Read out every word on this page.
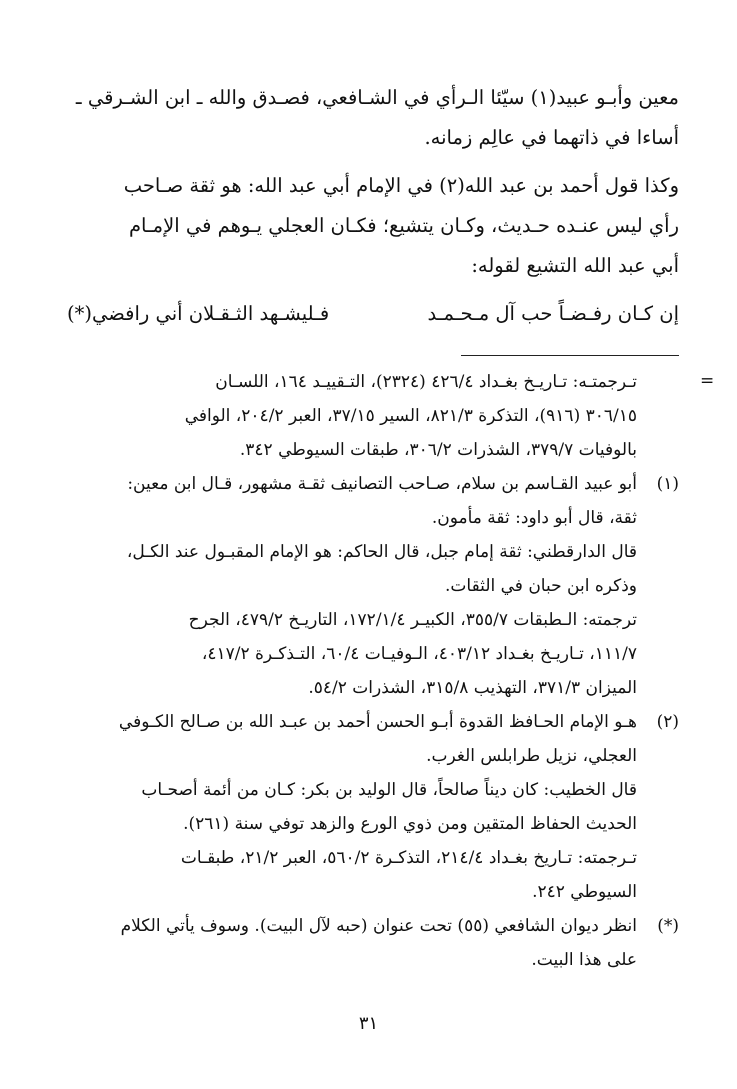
معين وأبـو عبيد(١) سيّئا الـرأي في الشـافعي، فصـدق والله ـ ابن الشـرقي ـ

أساءا في ذاتهما في عالِم زمانه.

وكذا قول أحمد بن عبد الله(٢) في الإمام أبي عبد الله: هو ثقة صـاحب

رأي ليس عنـده حـديث، وكـان يتشيع؛ فكـان العجلي يـوهم في الإمـام

أبي عبد الله التشيع لقوله:

إن كـان رفـضـاً حب آل مـحـمـد
فـليشـهد الثـقـلان أني رافضي(*)
=

تـرجمتـه: تـاريـخ بغـداد ٤٢٦/٤ (٢٣٢٤)، التـقييـد ١٦٤، اللسـان

٣٠٦/١٥ (٩١٦)، التذكرة ٨٢١/٣، السير ٣٧/١٥، العبر ٢٠٤/٢، الوافي

بالوفيات ٣٧٩/٧، الشذرات ٣٠٦/٢، طبقات السيوطي ٣٤٢.

(١)

أبو عبيد القـاسم بن سلام، صـاحب التصانيف ثقـة مشهور، قـال ابن معين:

ثقة، قال أبو داود: ثقة مأمون.

قال الدارقطني: ثقة إمام جبل، قال الحاكم: هو الإمام المقبـول عند الكـل،

وذكره ابن حبان في الثقات.

ترجمته: الـطبقات ٣٥٥/٧، الكبيـر ١٧٢/١/٤، التاريـخ ٤٧٩/٢، الجرح

١١١/٧، تـاريـخ بغـداد ٤٠٣/١٢، الـوفيـات ٦٠/٤، التـذكـرة ٤١٧/٢،

الميزان ٣٧١/٣، التهذيب ٣١٥/٨، الشذرات ٥٤/٢.

(٢)

هـو الإمام الحـافظ القدوة أبـو الحسن أحمد بن عبـد الله بن صـالح الكـوفي

العجلي، نزيل طرابلس الغرب.

قال الخطيب: كان ديناً صالحاً، قال الوليد بن بكر: كـان من أئمة أصحـاب

الحديث الحفاظ المتقين ومن ذوي الورع والزهد توفي سنة (٢٦١).

تـرجمته: تـاريخ بغـداد ٢١٤/٤، التذكـرة ٥٦٠/٢، العبر ٢١/٢، طبقـات

السيوطي ٢٤٢.

(*)

انظر ديوان الشافعي (٥٥) تحت عنوان (حبه لآل البيت). وسوف يأتي الكلام

على هذا البيت.

٣١
